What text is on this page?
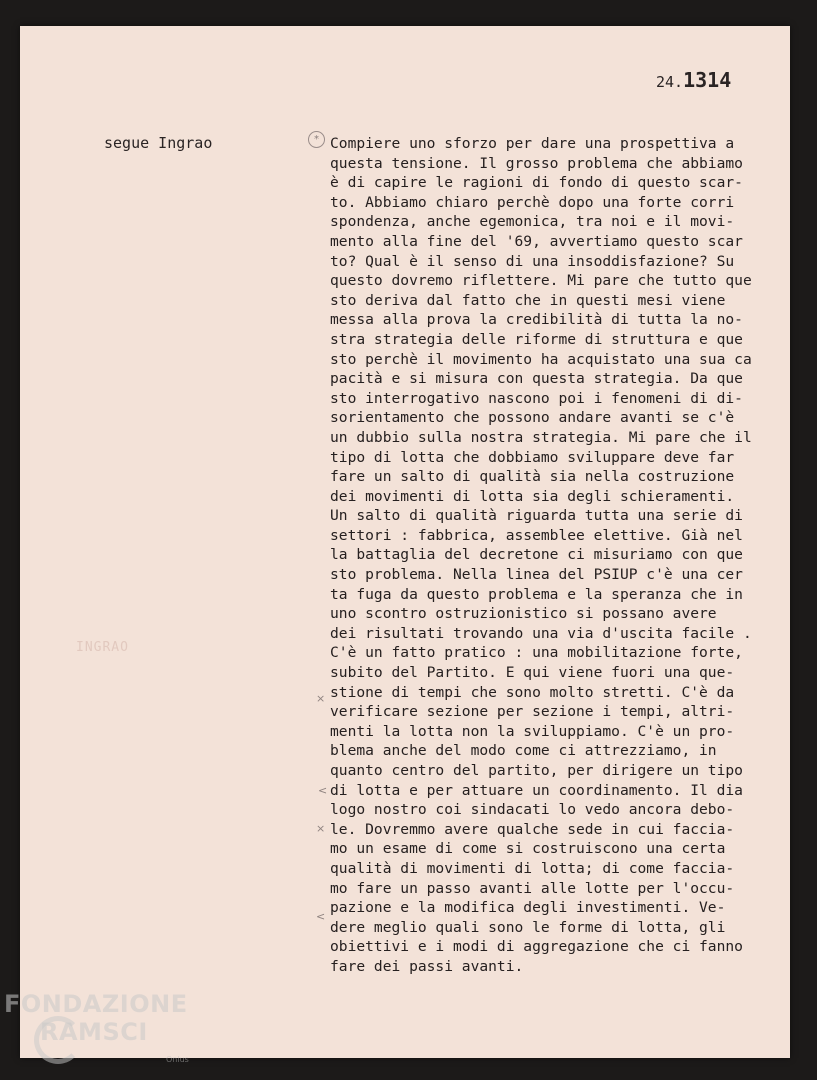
24.1314
segue Ingrao
INGRAO
*
×
<
×
<
Compiere uno sforzo per dare una prospettiva a
questa tensione. Il grosso problema che abbiamo
è di capire le ragioni di fondo di questo scar-
to. Abbiamo chiaro perchè dopo una forte corri
spondenza, anche egemonica, tra noi e il movi-
mento alla fine del '69, avvertiamo questo scar
to? Qual è il senso di una insoddisfazione? Su
questo dovremo riflettere. Mi pare che tutto que
sto deriva dal fatto che in questi mesi viene
messa alla prova la credibilità di tutta la no-
stra strategia delle riforme di struttura e que
sto perchè il movimento ha acquistato una sua ca
pacità e si misura con questa strategia. Da que
sto interrogativo nascono poi i fenomeni di di-
sorientamento che possono andare avanti se c'è
un dubbio sulla nostra strategia. Mi pare che il
tipo di lotta che dobbiamo sviluppare deve far
fare un salto di qualità sia nella costruzione
dei movimenti di lotta sia degli schieramenti.
Un salto di qualità riguarda tutta una serie di
settori : fabbrica, assemblee elettive. Già nel
la battaglia del decretone ci misuriamo con que
sto problema. Nella linea del PSIUP c'è una cer
ta fuga da questo problema e la speranza che in
uno scontro ostruzionistico si possano avere
dei risultati trovando una via d'uscita facile .
C'è un fatto pratico : una mobilitazione forte,
subito del Partito. E qui viene fuori una que-
stione di tempi che sono molto stretti. C'è da
verificare sezione per sezione i tempi, altri-
menti la lotta non la sviluppiamo. C'è un pro-
blema anche del modo come ci attrezziamo, in
quanto centro del partito, per dirigere un tipo
di lotta e per attuare un coordinamento. Il dia
logo nostro coi sindacati lo vedo ancora debo-
le. Dovremmo avere qualche sede in cui faccia-
mo un esame di come si costruiscono una certa
qualità di movimenti di lotta; di come faccia-
mo fare un passo avanti alle lotte per l'occu-
pazione e la modifica degli investimenti. Ve-
dere meglio quali sono le forme di lotta, gli
obiettivi e i modi di aggregazione che ci fanno
fare dei passi avanti.
FONDAZIONE
RAMSCI
Onlus
